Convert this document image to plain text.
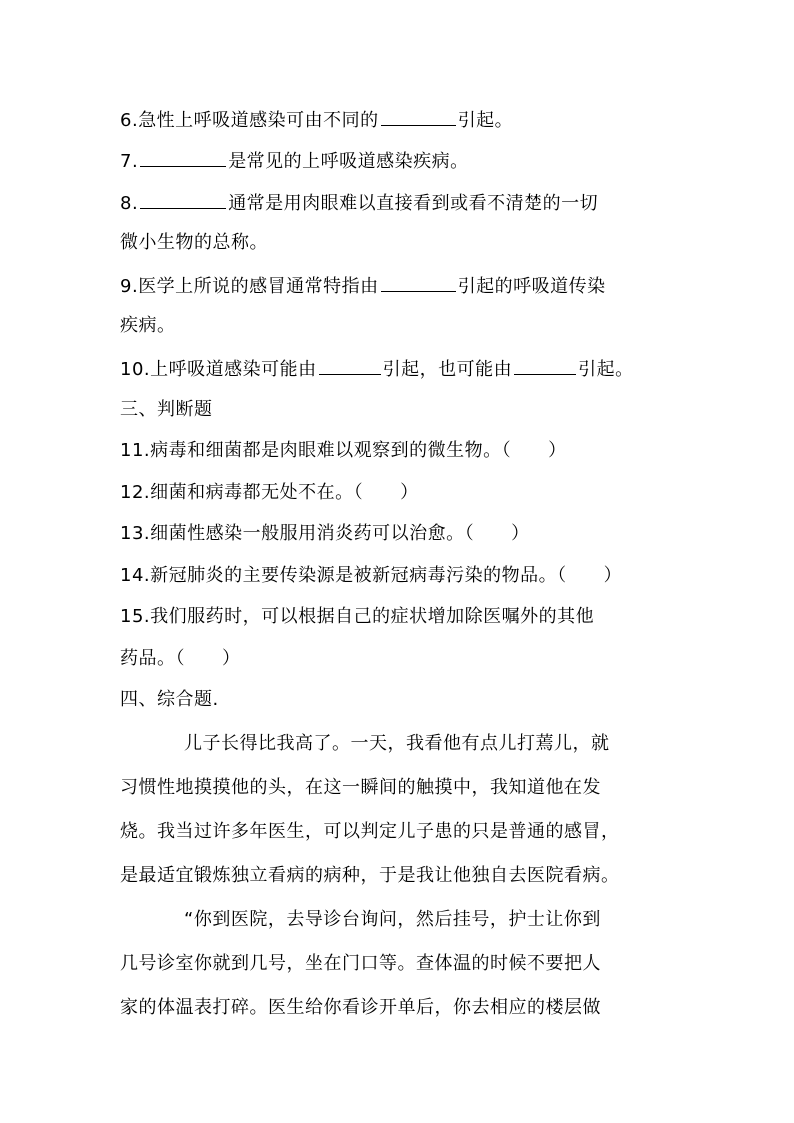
6.急性上呼吸道感染可由不同的	引起。
7.	是常见的上呼吸道感染疾病。
8.	通常是用肉眼难以直接看到或看不清楚的一切
微小生物的总称。
9.医学上所说的感冒通常特指由	引起的呼吸道传染
疾病。
10.上呼吸道感染可能由	引起，也可能由	引起。
三、判断题
11.病毒和细菌都是肉眼难以观察到的微生物。（　　）
12.细菌和病毒都无处不在。（　　）
13.细菌性感染一般服用消炎药可以治愈。（　　）
14.新冠肺炎的主要传染源是被新冠病毒污染的物品。（　　）
15.我们服药时，可以根据自己的症状增加除医嘱外的其他
药品。（　　）
四、综合题.
儿子长得比我高了。一天，我看他有点儿打蔫儿，就
习惯性地摸摸他的头，在这一瞬间的触摸中，我知道他在发
烧。我当过许多年医生，可以判定儿子患的只是普通的感冒，
是最适宜锻炼独立看病的病种，于是我让他独自去医院看病。
“你到医院，去导诊台询问，然后挂号，护士让你到
几号诊室你就到几号，坐在门口等。查体温的时候不要把人
家的体温表打碎。医生给你看诊开单后，你去相应的楼层做
